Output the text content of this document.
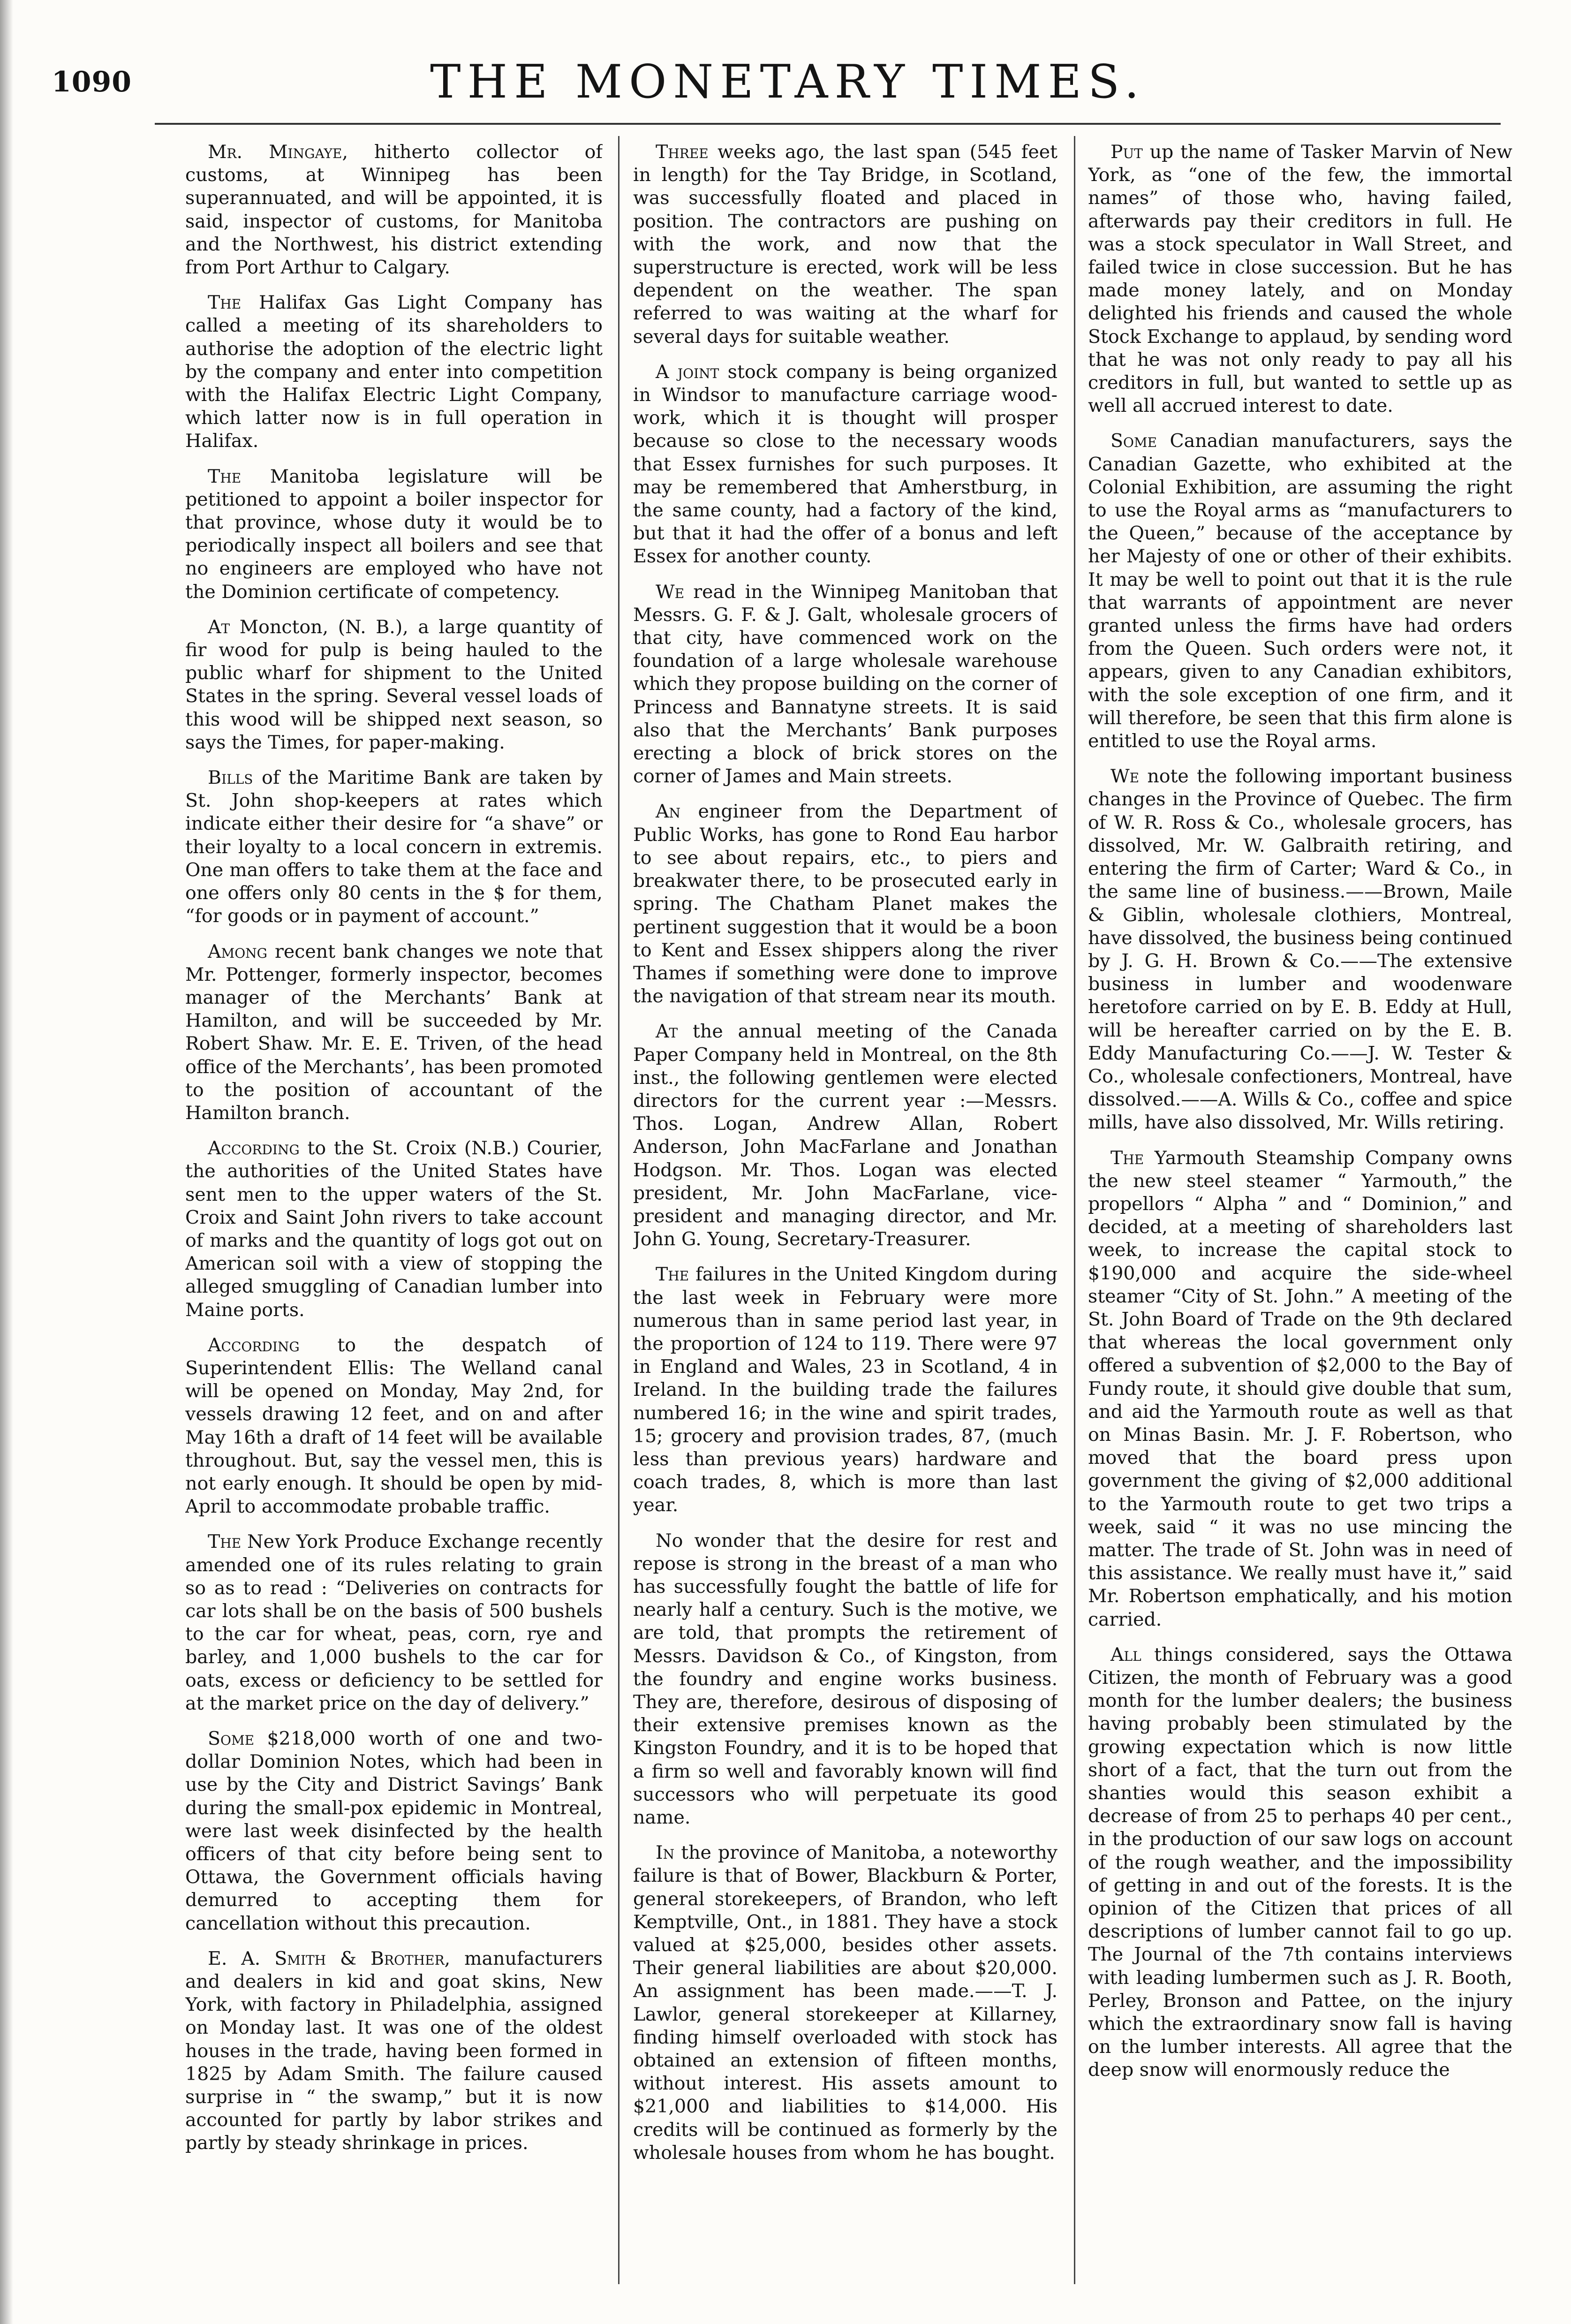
1090	THE MONETARY TIMES.

Mr. Mingaye, hitherto collector of customs, at Winnipeg has been superannuated, and will be appointed, it is said, inspector of customs, for Manitoba and the Northwest, his district extending from Port Arthur to Calgary.

The Halifax Gas Light Company has called a meeting of its shareholders to authorise the adoption of the electric light by the company and enter into competition with the Halifax Electric Light Company, which latter now is in full operation in Halifax.

The Manitoba legislature will be petitioned to appoint a boiler inspector for that province, whose duty it would be to periodically inspect all boilers and see that no engineers are employed who have not the Dominion certificate of competency.

At Moncton, (N. B.), a large quantity of fir wood for pulp is being hauled to the public wharf for shipment to the United States in the spring. Several vessel loads of this wood will be shipped next season, so says the Times, for paper-making.

Bills of the Maritime Bank are taken by St. John shop-keepers at rates which indicate either their desire for “a shave” or their loyalty to a local concern in extremis. One man offers to take them at the face and one offers only 80 cents in the $ for them, “for goods or in payment of account.”

Among recent bank changes we note that Mr. Pottenger, formerly inspector, becomes manager of the Merchants’ Bank at Hamilton, and will be succeeded by Mr. Robert Shaw. Mr. E. E. Triven, of the head office of the Merchants’, has been promoted to the position of accountant of the Hamilton branch.

According to the St. Croix (N.B.) Courier, the authorities of the United States have sent men to the upper waters of the St. Croix and Saint John rivers to take account of marks and the quantity of logs got out on American soil with a view of stopping the alleged smuggling of Canadian lumber into Maine ports.

According to the despatch of Superintendent Ellis: The Welland canal will be opened on Monday, May 2nd, for vessels drawing 12 feet, and on and after May 16th a draft of 14 feet will be available throughout. But, say the vessel men, this is not early enough. It should be open by mid-April to accommodate probable traffic.

The New York Produce Exchange recently amended one of its rules relating to grain so as to read : “Deliveries on contracts for car lots shall be on the basis of 500 bushels to the car for wheat, peas, corn, rye and barley, and 1,000 bushels to the car for oats, excess or deficiency to be settled for at the market price on the day of delivery.”

Some $218,000 worth of one and two-dollar Dominion Notes, which had been in use by the City and District Savings’ Bank during the small-pox epidemic in Montreal, were last week disinfected by the health officers of that city before being sent to Ottawa, the Government officials having demurred to accepting them for cancellation without this precaution.

E. A. Smith & Brother, manufacturers and dealers in kid and goat skins, New York, with factory in Philadelphia, assigned on Monday last. It was one of the oldest houses in the trade, having been formed in 1825 by Adam Smith. The failure caused surprise in “ the swamp,” but it is now accounted for partly by labor strikes and partly by steady shrinkage in prices.

Three weeks ago, the last span (545 feet in length) for the Tay Bridge, in Scotland, was successfully floated and placed in position. The contractors are pushing on with the work, and now that the superstructure is erected, work will be less dependent on the weather. The span referred to was waiting at the wharf for several days for suitable weather.

A joint stock company is being organized in Windsor to manufacture carriage wood-work, which it is thought will prosper because so close to the necessary woods that Essex furnishes for such purposes. It may be remembered that Amherstburg, in the same county, had a factory of the kind, but that it had the offer of a bonus and left Essex for another county.

We read in the Winnipeg Manitoban that Messrs. G. F. & J. Galt, wholesale grocers of that city, have commenced work on the foundation of a large wholesale warehouse which they propose building on the corner of Princess and Bannatyne streets. It is said also that the Merchants’ Bank purposes erecting a block of brick stores on the corner of James and Main streets.

An engineer from the Department of Public Works, has gone to Rond Eau harbor to see about repairs, etc., to piers and breakwater there, to be prosecuted early in spring. The Chatham Planet makes the pertinent suggestion that it would be a boon to Kent and Essex shippers along the river Thames if something were done to improve the navigation of that stream near its mouth.

At the annual meeting of the Canada Paper Company held in Montreal, on the 8th inst., the following gentlemen were elected directors for the current year :—Messrs. Thos. Logan, Andrew Allan, Robert Anderson, John MacFarlane and Jonathan Hodgson. Mr. Thos. Logan was elected president, Mr. John MacFarlane, vice-president and managing director, and Mr. John G. Young, Secretary-Treasurer.

The failures in the United Kingdom during the last week in February were more numerous than in same period last year, in the proportion of 124 to 119. There were 97 in England and Wales, 23 in Scotland, 4 in Ireland. In the building trade the failures numbered 16; in the wine and spirit trades, 15; grocery and provision trades, 87, (much less than previous years) hardware and coach trades, 8, which is more than last year.

No wonder that the desire for rest and repose is strong in the breast of a man who has successfully fought the battle of life for nearly half a century. Such is the motive, we are told, that prompts the retirement of Messrs. Davidson & Co., of Kingston, from the foundry and engine works business. They are, therefore, desirous of disposing of their extensive premises known as the Kingston Foundry, and it is to be hoped that a firm so well and favorably known will find successors who will perpetuate its good name.

In the province of Manitoba, a noteworthy failure is that of Bower, Blackburn & Porter, general storekeepers, of Brandon, who left Kemptville, Ont., in 1881. They have a stock valued at $25,000, besides other assets. Their general liabilities are about $20,000. An assignment has been made.——T. J. Lawlor, general storekeeper at Killarney, finding himself overloaded with stock has obtained an extension of fifteen months, without interest. His assets amount to $21,000 and liabilities to $14,000. His credits will be continued as formerly by the wholesale houses from whom he has bought.

Put up the name of Tasker Marvin of New York, as “one of the few, the immortal names” of those who, having failed, afterwards pay their creditors in full. He was a stock speculator in Wall Street, and failed twice in close succession. But he has made money lately, and on Monday delighted his friends and caused the whole Stock Exchange to applaud, by sending word that he was not only ready to pay all his creditors in full, but wanted to settle up as well all accrued interest to date.

Some Canadian manufacturers, says the Canadian Gazette, who exhibited at the Colonial Exhibition, are assuming the right to use the Royal arms as “manufacturers to the Queen,” because of the acceptance by her Majesty of one or other of their exhibits. It may be well to point out that it is the rule that warrants of appointment are never granted unless the firms have had orders from the Queen. Such orders were not, it appears, given to any Canadian exhibitors, with the sole exception of one firm, and it will therefore, be seen that this firm alone is entitled to use the Royal arms.

We note the following important business changes in the Province of Quebec. The firm of W. R. Ross & Co., wholesale grocers, has dissolved, Mr. W. Galbraith retiring, and entering the firm of Carter; Ward & Co., in the same line of business.——Brown, Maile & Giblin, wholesale clothiers, Montreal, have dissolved, the business being continued by J. G. H. Brown & Co.——The extensive business in lumber and woodenware heretofore carried on by E. B. Eddy at Hull, will be hereafter carried on by the E. B. Eddy Manufacturing Co.——J. W. Tester & Co., wholesale confectioners, Montreal, have dissolved.——A. Wills & Co., coffee and spice mills, have also dissolved, Mr. Wills retiring.

The Yarmouth Steamship Company owns the new steel steamer “ Yarmouth,” the propellors “ Alpha ” and “ Dominion,” and decided, at a meeting of shareholders last week, to increase the capital stock to $190,000 and acquire the side-wheel steamer “City of St. John.” A meeting of the St. John Board of Trade on the 9th declared that whereas the local government only offered a subvention of $2,000 to the Bay of Fundy route, it should give double that sum, and aid the Yarmouth route as well as that on Minas Basin. Mr. J. F. Robertson, who moved that the board press upon government the giving of $2,000 additional to the Yarmouth route to get two trips a week, said “ it was no use mincing the matter. The trade of St. John was in need of this assistance. We really must have it,” said Mr. Robertson emphatically, and his motion carried.

All things considered, says the Ottawa Citizen, the month of February was a good month for the lumber dealers; the business having probably been stimulated by the growing expectation which is now little short of a fact, that the turn out from the shanties would this season exhibit a decrease of from 25 to perhaps 40 per cent., in the production of our saw logs on account of the rough weather, and the impossibility of getting in and out of the forests. It is the opinion of the Citizen that prices of all descriptions of lumber cannot fail to go up. The Journal of the 7th contains interviews with leading lumbermen such as J. R. Booth, Perley, Bronson and Pattee, on the injury which the extraordinary snow fall is having on the lumber interests. All agree that the deep snow will enormously reduce the
